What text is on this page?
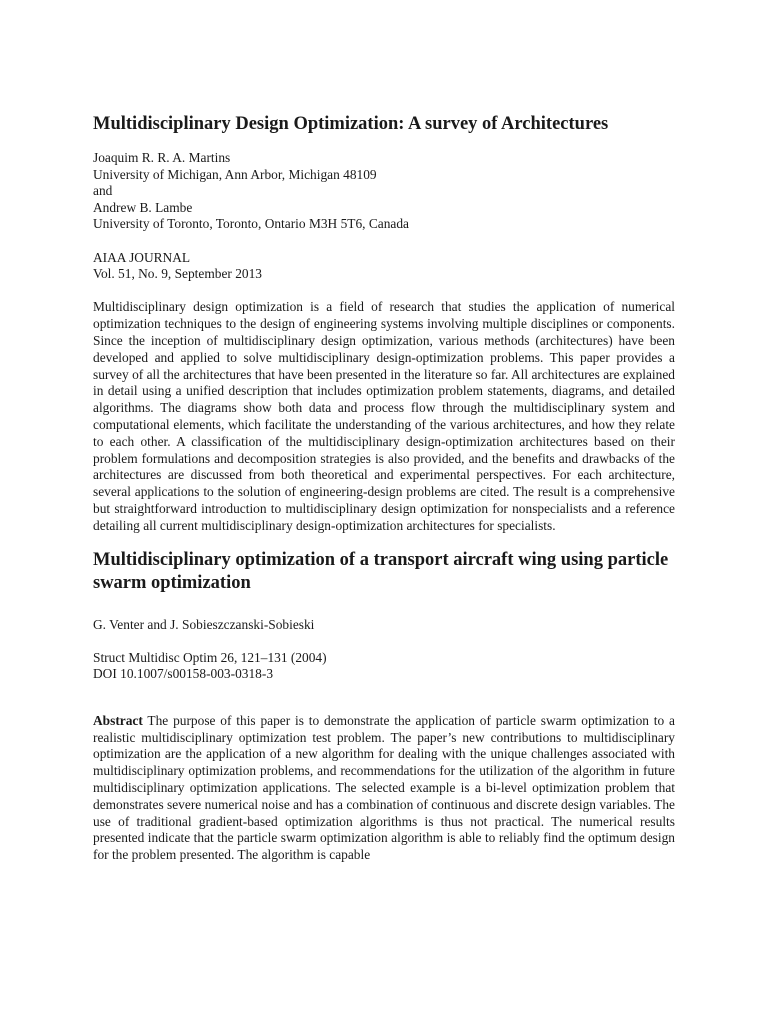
Multidisciplinary Design Optimization: A survey of Architectures
Joaquim R. R. A. Martins
University of Michigan, Ann Arbor, Michigan 48109
and
Andrew B. Lambe
University of Toronto, Toronto, Ontario M3H 5T6, Canada
AIAA JOURNAL
Vol. 51, No. 9, September 2013

Multidisciplinary design optimization is a field of research that studies the application of numerical optimization techniques to the design of engineering systems involving multiple disciplines or components. Since the inception of multidisciplinary design optimization, various methods (architectures) have been developed and applied to solve multidisciplinary design-optimization problems. This paper provides a survey of all the architectures that have been presented in the literature so far. All architectures are explained in detail using a unified description that includes optimization problem statements, diagrams, and detailed algorithms. The diagrams show both data and process flow through the multidisciplinary system and computational elements, which facilitate the understanding of the various architectures, and how they relate to each other. A classification of the multidisciplinary design-optimization architectures based on their problem formulations and decomposition strategies is also provided, and the benefits and drawbacks of the architectures are discussed from both theoretical and experimental perspectives. For each architecture, several applications to the solution of engineering-design problems are cited. The result is a comprehensive but straightforward introduction to multidisciplinary design optimization for nonspecialists and a reference detailing all current multidisciplinary design-optimization architectures for specialists.

Multidisciplinary optimization of a transport aircraft wing using particle swarm optimization
G. Venter and J. Sobieszczanski-Sobieski
Struct Multidisc Optim 26, 121–131 (2004)
DOI 10.1007/s00158-003-0318-3

Abstract The purpose of this paper is to demonstrate the application of particle swarm optimization to a realistic multidisciplinary optimization test problem. The paper’s new contributions to multidisciplinary optimization are the application of a new algorithm for dealing with the unique challenges associated with multidisciplinary optimization problems, and recommendations for the utilization of the algorithm in future multidisciplinary optimization applications. The selected example is a bi-level optimization problem that demonstrates severe numerical noise and has a combination of continuous and discrete design variables. The use of traditional gradient-based optimization algorithms is thus not practical. The numerical results presented indicate that the particle swarm optimization algorithm is able to reliably find the optimum design for the problem presented. The algorithm is capable
